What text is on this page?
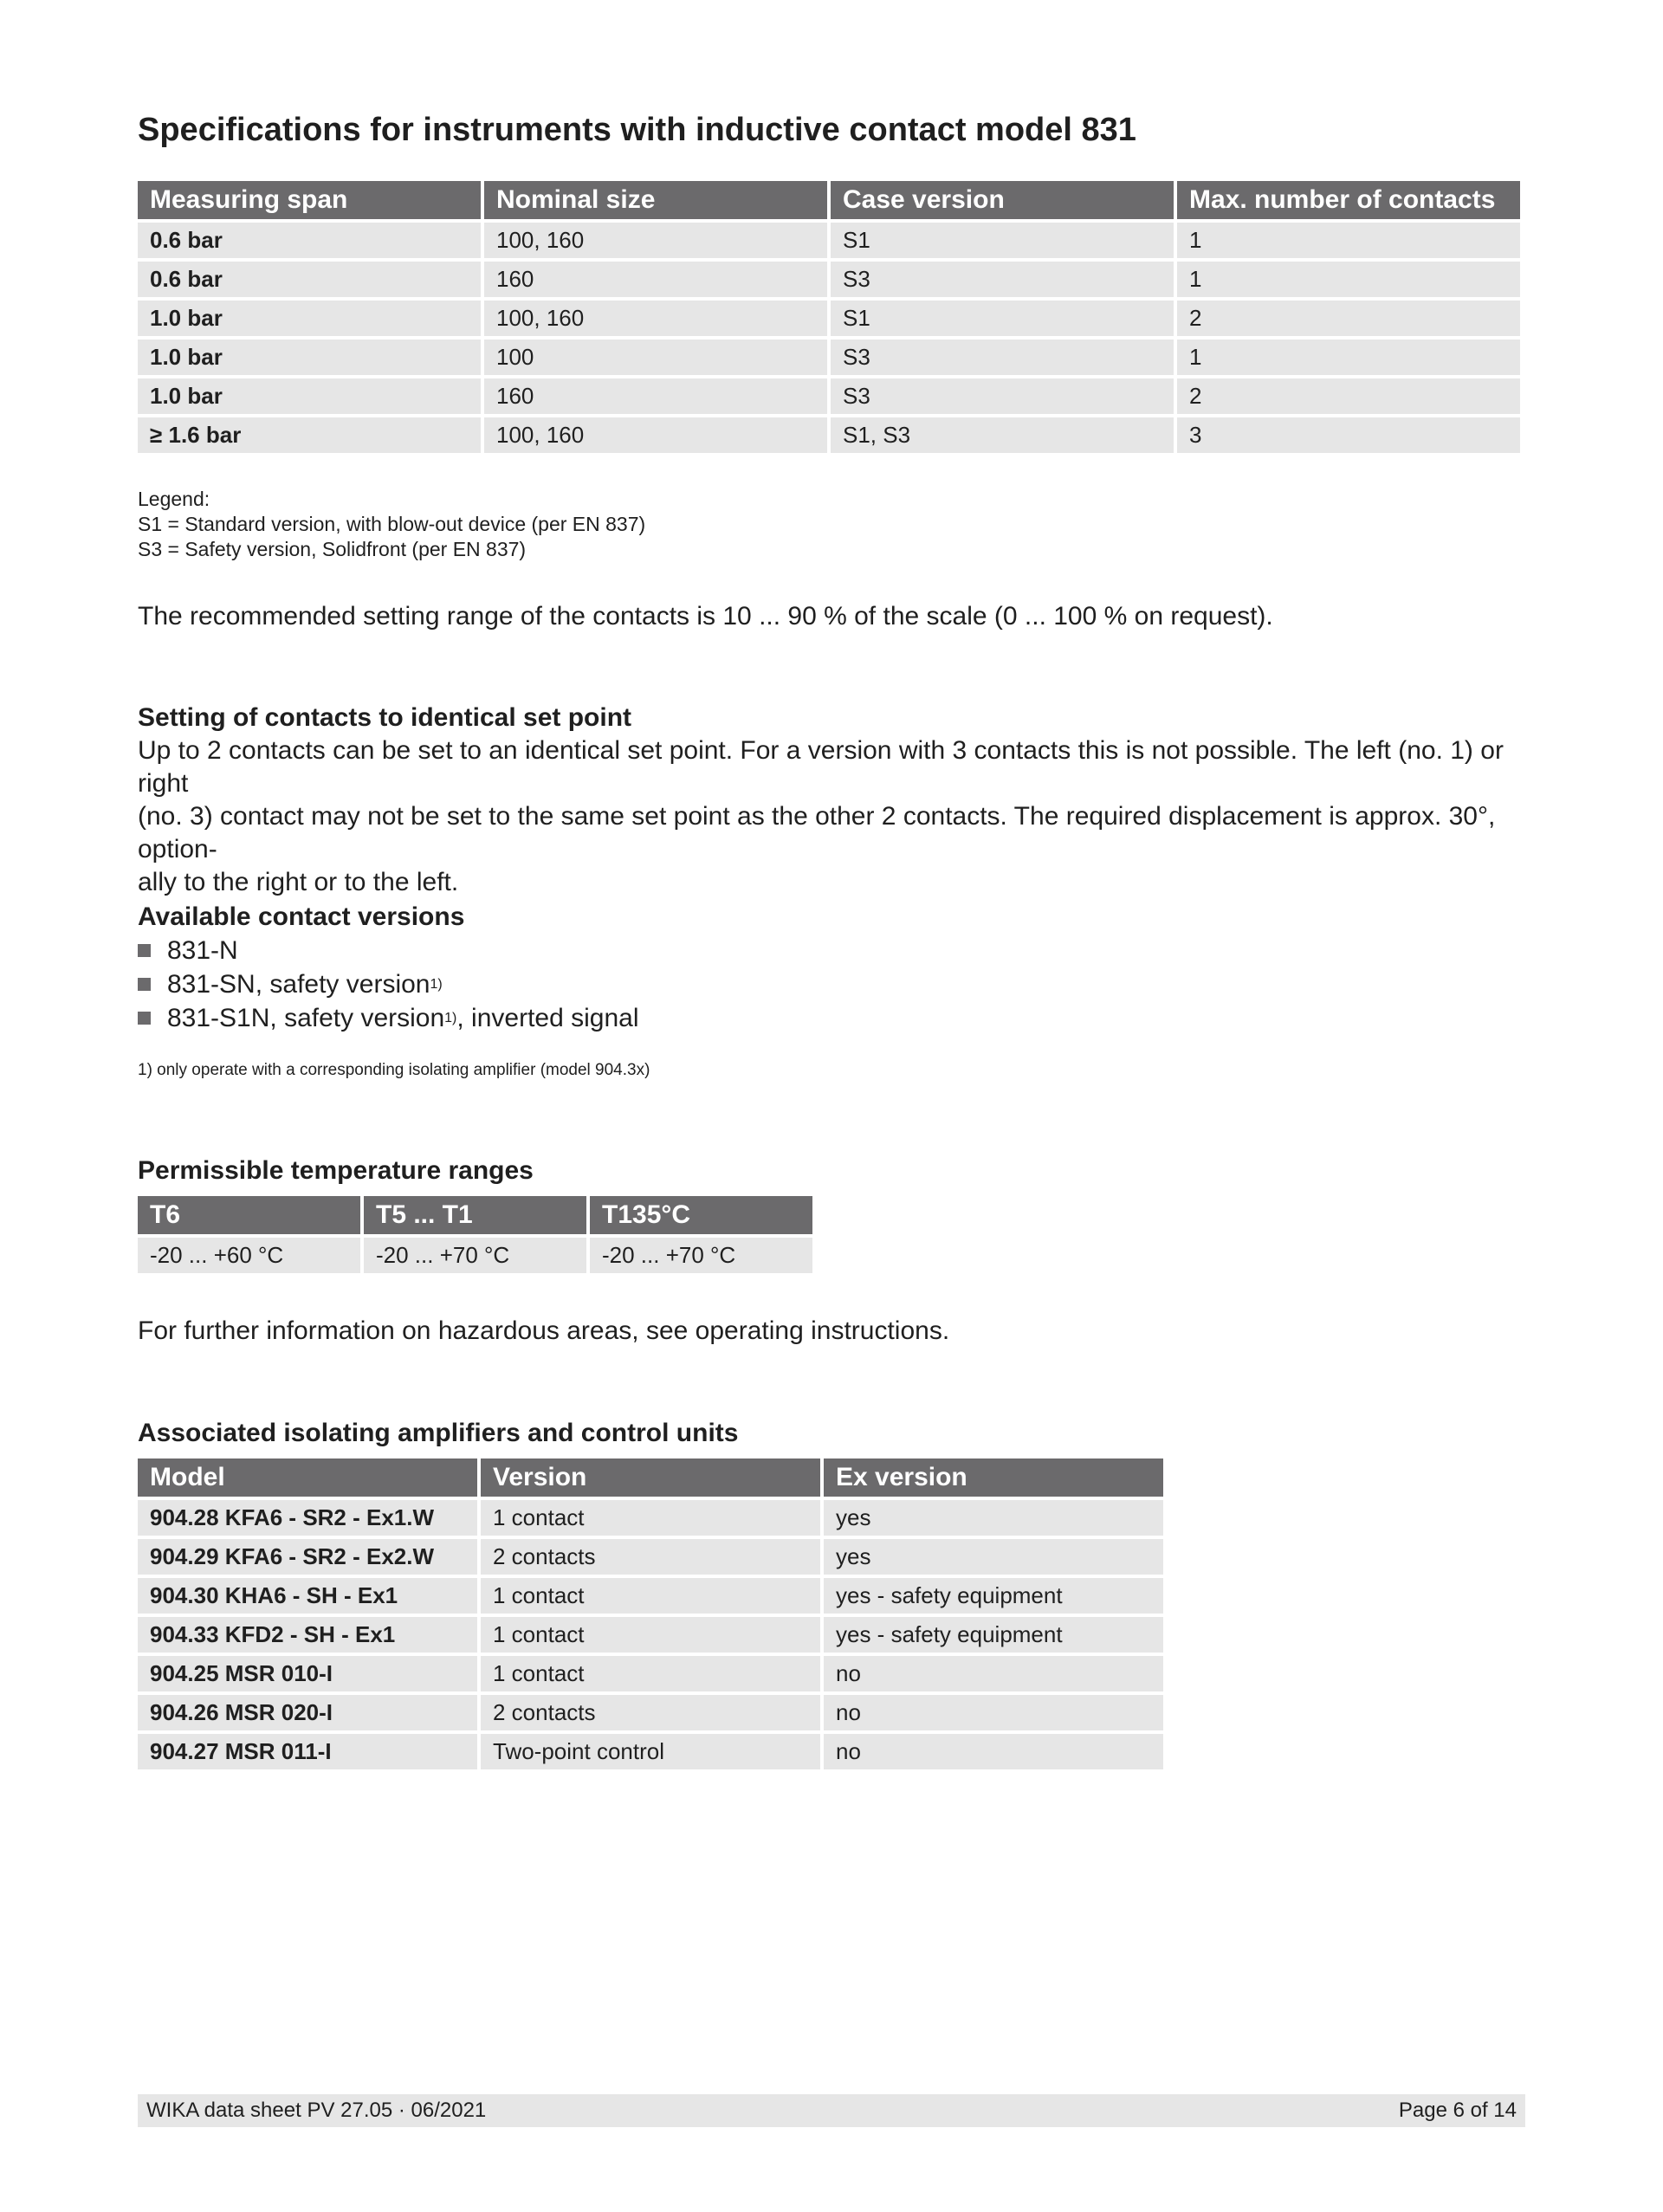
Specifications for instruments with inductive contact model 831
Measuring span	Nominal size	Case version	Max. number of contacts
0.6 bar	100, 160	S1	1
0.6 bar	160	S3	1
1.0 bar	100, 160	S1	2
1.0 bar	100	S3	1
1.0 bar	160	S3	2
≥ 1.6 bar	100, 160	S1, S3	3
Legend:
S1 = Standard version, with blow-out device (per EN 837)
S3 = Safety version, Solidfront (per EN 837)

The recommended setting range of the contacts is 10 ... 90 % of the scale (0 ... 100 % on request).

Setting of contacts to identical set point

Up to 2 contacts can be set to an identical set point. For a version with 3 contacts this is not possible. The left (no. 1) or right

(no. 3) contact may not be set to the same set point as the other 2 contacts. The required displacement is approx. 30°, option-

ally to the right or to the left.

Available contact versions
831-N
831-SN, safety version 1)
831-S1N, safety version 1) , inverted signal
1) only operate with a corresponding isolating amplifier (model 904.3x)
Permissible temperature ranges
T6	T5 ... T1	T135°C
-20 ... +60 °C	-20 ... +70 °C	-20 ... +70 °C

For further information on hazardous areas, see operating instructions.

Associated isolating amplifiers and control units
Model	Version	Ex version
904.28 KFA6 - SR2 - Ex1.W	1 contact	yes
904.29 KFA6 - SR2 - Ex2.W	2 contacts	yes
904.30 KHA6 - SH - Ex1	1 contact	yes - safety equipment
904.33 KFD2 - SH - Ex1	1 contact	yes - safety equipment
904.25 MSR 010-I	1 contact	no
904.26 MSR 020-I	2 contacts	no
904.27 MSR 011-I	Two-point control	no
WIKA data sheet PV 27.05 · 06/2021	Page 6 of 14
